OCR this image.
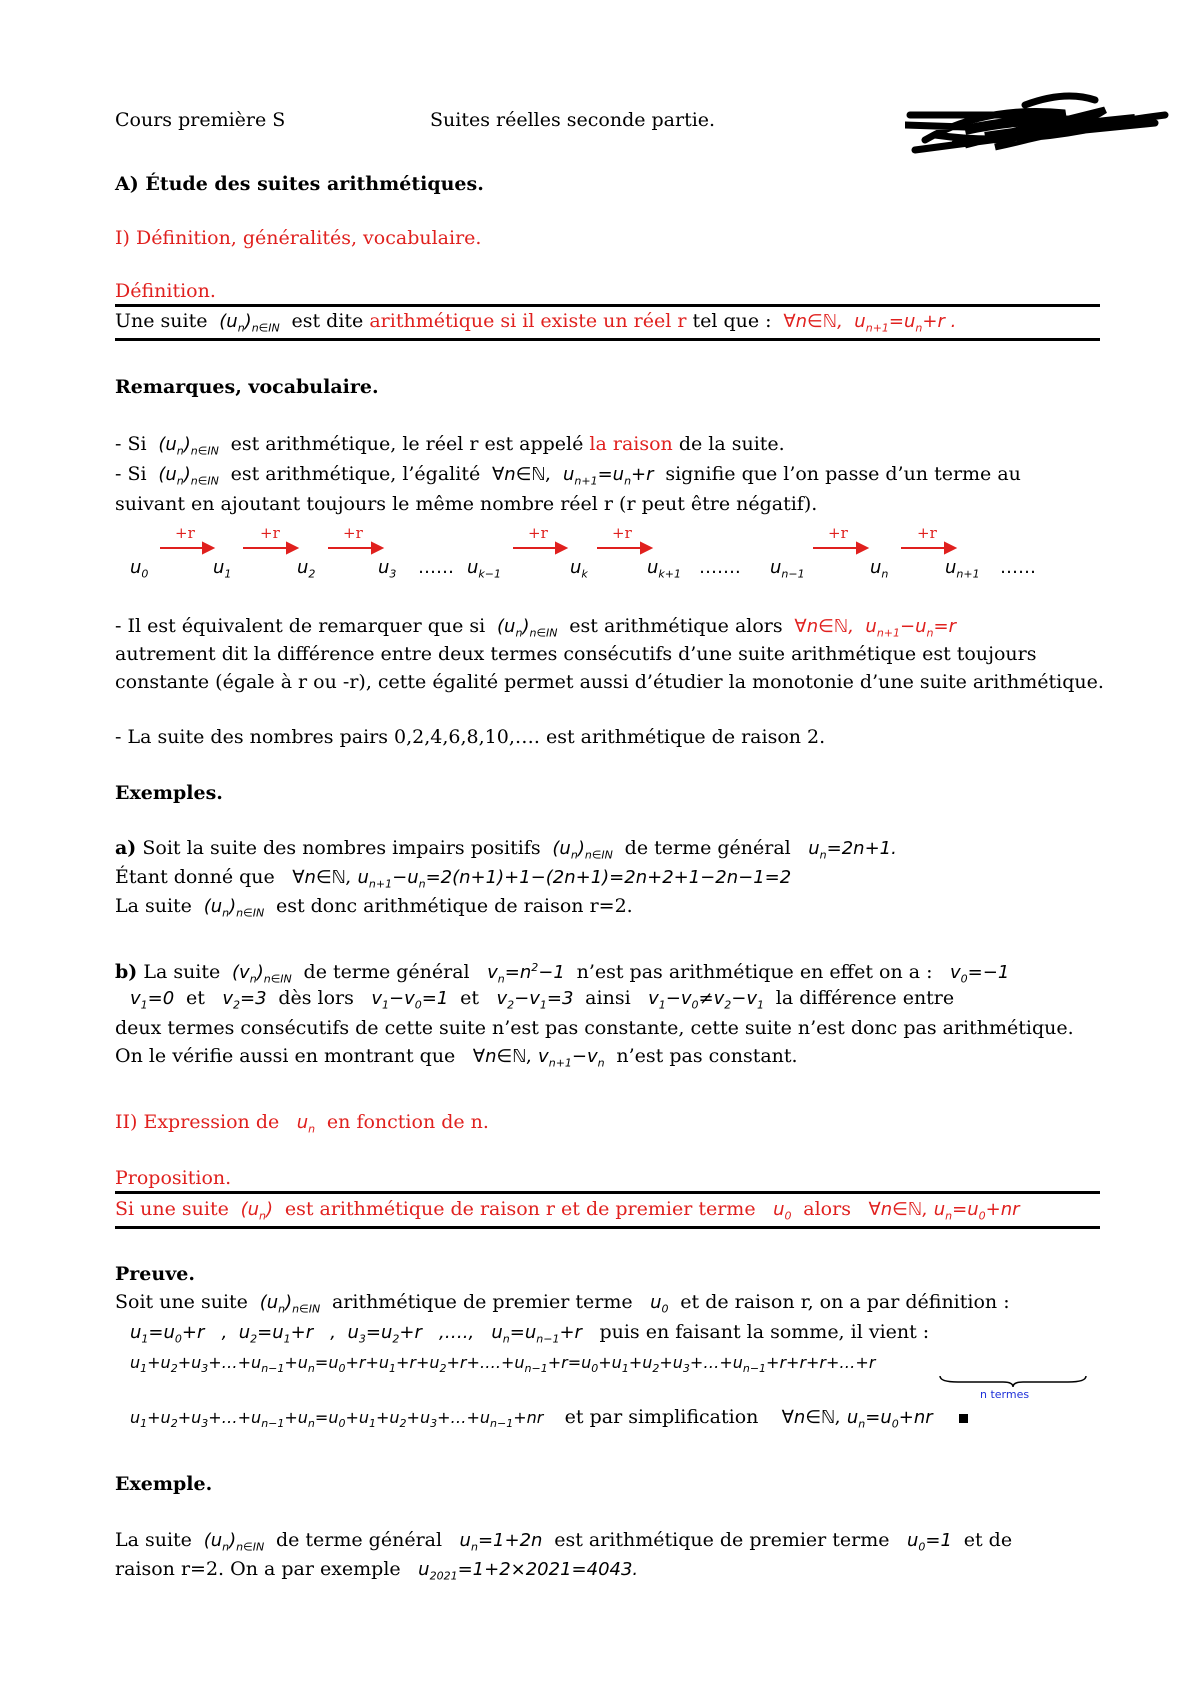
Cours première S	Suites réelles seconde partie.
A) Étude des suites arithmétiques.
I) Définition, généralités, vocabulaire.
Définition.
Une suite  $(u_n)_{n\in IN}$ est dite arithmétique si il existe un réel r tel que :  ∀n∈ℕ,  $u_{n+1}=u_n+r$ .
Remarques, vocabulaire.
- Si  $(u_n)_{n\in IN}$ est arithmétique, le réel r est appelé la raison de la suite.
- Si  $(u_n)_{n\in IN}$ est arithmétique, l’égalité  ∀n∈ℕ,  $u_{n+1}=u_n+r$  signifie que l’on passe d’un terme au
suivant en ajoutant toujours le même nombre réel r (r peut être négatif).
+r	+r	+r	+r	+r	+r	+r
$u_0$	$u_1$	$u_2$	$u_3$ …… $u_{k-1}$	$u_k$	$u_{k+1}$ ……. $u_{n-1}$	$u_n$	$u_{n+1}$ ……
- Il est équivalent de remarquer que si  $(u_n)_{n\in IN}$ est arithmétique alors  ∀n∈ℕ,  $u_{n+1}-u_n=r$
autrement dit la différence entre deux termes consécutifs d’une suite arithmétique est toujours
constante (égale à r ou -r), cette égalité permet aussi d’étudier la monotonie d’une suite arithmétique.
- La suite des nombres pairs 0,2,4,6,8,10,…. est arithmétique de raison 2.
Exemples.
a) Soit la suite des nombres impairs positifs  $(u_n)_{n\in IN}$ de terme général   $u_n=2n+1$.
Étant donné que   ∀n∈ℕ, $u_{n+1}-u_n=2(n+1)+1-(2n+1)=2n+2+1-2n-1=2$
La suite  $(u_n)_{n\in IN}$ est donc arithmétique de raison r=2.
b) La suite  $(v_n)_{n\in IN}$ de terme général   $v_n=n^2-1$  n’est pas arithmétique en effet on a :   $v_0=-1$
$v_1=0$  et   $v_2=3$  dès lors   $v_1-v_0=1$  et   $v_2-v_1=3$  ainsi   $v_1-v_0\ne v_2-v_1$ la différence entre
deux termes consécutifs de cette suite n’est pas constante, cette suite n’est donc pas arithmétique.
On le vérifie aussi en montrant que   ∀n∈ℕ, $v_{n+1}-v_n$ n’est pas constant.
II) Expression de   $u_n$ en fonction de n.
Proposition.
Si une suite  $(u_n)$  est arithmétique de raison r et de premier terme   $u_0$ alors   ∀n∈ℕ, $u_n=u_0+nr$
Preuve.
Soit une suite  $(u_n)_{n\in IN}$ arithmétique de premier terme   $u_0$ et de raison r, on a par définition :
$u_1=u_0+r$   ,  $u_2=u_1+r$   ,  $u_3=u_2+r$   ,….,   $u_n=u_{n-1}+r$   puis en faisant la somme, il vient :
$u_1+u_2+u_3+\dots+u_{n-1}+u_n=u_0+r+u_1+r+u_2+r+\dots.+u_{n-1}+r=u_0+u_1+u_2+u_3+\dots+u_{n-1}+r+r+r+\dots+r$
n termes
$u_1+u_2+u_3+\dots+u_{n-1}+u_n=u_0+u_1+u_2+u_3+\dots+u_{n-1}+nr$    et par simplification    ∀n∈ℕ, $u_n=u_0+nr$
Exemple.
La suite  $(u_n)_{n\in IN}$ de terme général   $u_n=1+2n$  est arithmétique de premier terme   $u_0=1$  et de
raison r=2. On a par exemple   $u_{2021}=1+2\times 2021=4043$.
